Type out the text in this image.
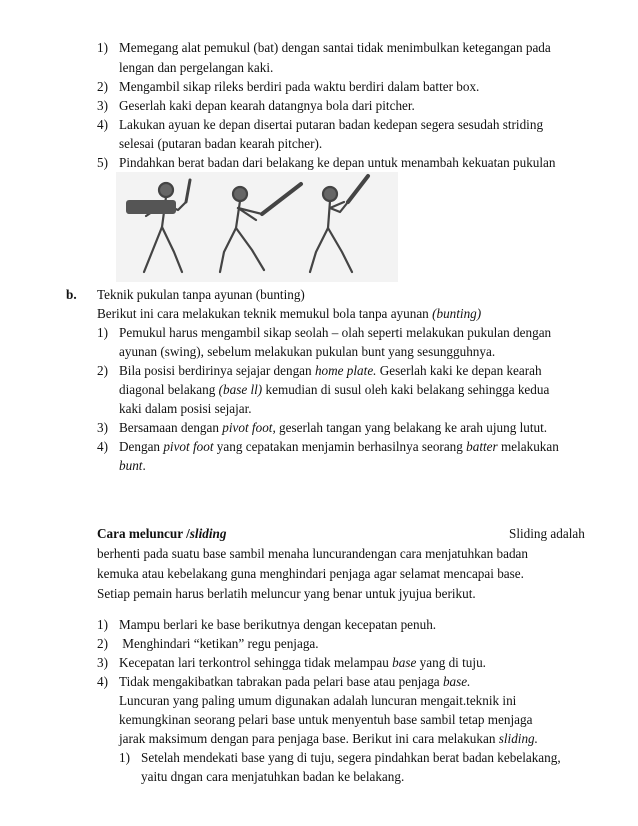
1) Memegang alat pemukul (bat) dengan santai tidak menimbulkan ketegangan pada
lengan dan pergelangan kaki.
2) Mengambil sikap rileks berdiri pada waktu berdiri dalam batter box.
3) Geserlah kaki depan kearah datangnya bola dari pitcher.
4) Lakukan ayuan ke depan disertai putaran badan kedepan segera sesudah striding
selesai (putaran badan kearah pitcher).
5) Pindahkan berat badan dari belakang ke depan untuk menambah kekuatan pukulan
b. Teknik pukulan tanpa ayunan (bunting)
Berikut ini cara melakukan teknik memukul bola tanpa ayunan (bunting)
1) Pemukul harus mengambil sikap seolah – olah seperti melakukan pukulan dengan
ayunan (swing), sebelum melakukan pukulan bunt yang sesungguhnya.
2) Bila posisi berdirinya sejajar dengan home plate. Geserlah kaki ke depan kearah
diagonal belakang (base ll) kemudian di susul oleh kaki belakang sehingga kedua
kaki dalam posisi sejajar.
3) Bersamaan dengan pivot foot, geserlah tangan yang belakang ke arah ujung lutut.
4) Dengan pivot foot yang cepatakan menjamin berhasilnya seorang batter melakukan
bunt.
Cara meluncur /sliding	Sliding adalah
berhenti pada suatu base sambil menaha luncurandengan cara menjatuhkan badan
kemuka atau kebelakang guna menghindari penjaga agar selamat mencapai base.
Setiap pemain harus berlatih meluncur yang benar untuk jyujua berikut.
1) Mampu berlari ke base berikutnya dengan kecepatan penuh.
2) Menghindari “ketikan” regu penjaga.
3) Kecepatan lari terkontrol sehingga tidak melampau base yang di tuju.
4) Tidak mengakibatkan tabrakan pada pelari base atau penjaga base.
Luncuran yang paling umum digunakan adalah luncuran mengait.teknik ini
kemungkinan seorang pelari base untuk menyentuh base sambil tetap menjaga
jarak maksimum dengan para penjaga base. Berikut ini cara melakukan sliding.
1) Setelah mendekati base yang di tuju, segera pindahkan berat badan kebelakang,
yaitu dngan cara menjatuhkan badan ke belakang.
